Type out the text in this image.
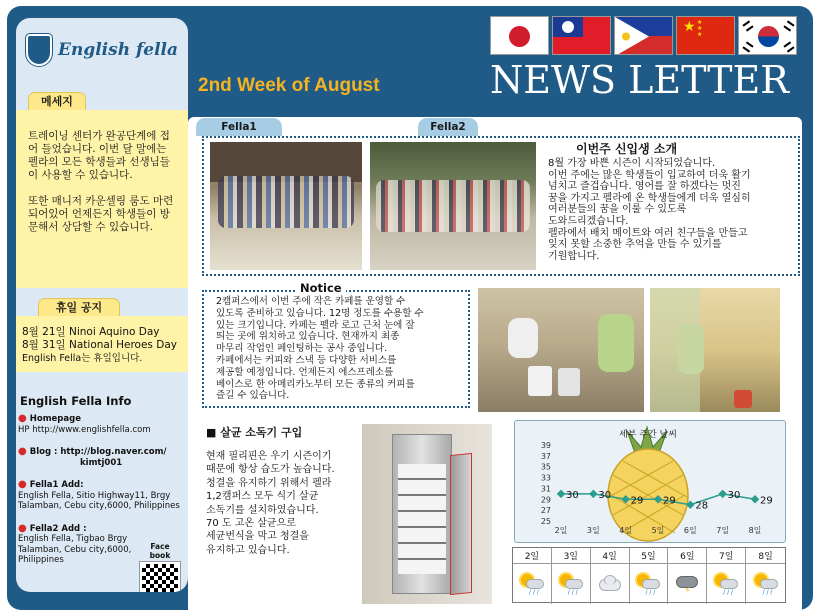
English fella
메세지

트레이닝 센터가 완공단계에 접어 들었습니다. 이번 달 말에는 펠라의 모든 학생들과 선생님들이 사용할 수 있습니다.

또한 매니저 카운셀링 룸도 마련되어있어 언제든지 학생들이 방문해서 상담할 수 있습니다.

휴일 공지
8월 21일 Ninoi Aquino Day
8월 31일 National Heroes Day
English Fella는 휴일입니다.
English Fella Info
● Homepage
HP http://www.englishfella.com
● Blog : http://blog.naver.com/
kimtj001
● Fella1 Add:
English Fella, Sitio Highway11, Brgy Talamban, Cebu city,6000, Philippines
● Fella2 Add :
English Fella, Tigbao Brgy Talamban, Cebu city,6000, Philippines
Face book
2nd Week of August
★ ★
★
★
NEWS LETTER
Fella1	Fella2
이번주 신입생 소개
8월 가장 바쁜 시즌이 시작되었습니다.
이번 주에는 많은 학생들이 입교하여 더욱 활기
넘치고 즐겁습니다. 영어를 잘 하겠다는 멋진
꿈을 가지고 펠라에 온 학생들에게 더욱 열심히
여러분들의 꿈을 이룰 수 있도록
도와드리겠습니다.
펠라에서 배치 메이트와 여러 친구들을 만들고
잊지 못할 소중한 추억을 만들 수 있기를
기원합니다.
Notice
2캠퍼스에서 이번 주에 작은 카페를 운영할 수
있도록 준비하고 있습니다. 12명 정도를 수용할 수
있는 크기입니다. 카페는 펠라 로고 근처 눈에 잘
띄는 곳에 위치하고 있습니다. 현재까지 최종
마무리 작업인 페인팅하는 공사 중입니다.
카페에서는 커피와 스낵 등 다양한 서비스를
제공할 예정입니다. 언제든지 에스프레소를
베이스로 한 아메리카노부터 모든 종류의 커피를
즐길 수 있습니다.
■ 살균 소독기 구입
현재 필리핀은 우기 시즌이기
때문에 항상 습도가 높습니다.
청결을 유지하기 위해서 펠라
1,2캠퍼스 모두 식기 살균
소독기를 설치하였습니다.
70 도 고온 살균으로
세균번식을 막고 청결을
유지하고 있습니다.
25
27
29
31
33
35
37
39
2일 3일 4일 5일 6일 7일 8일
30 30 29 29 28
30 29
세부 주간 날씨
2일	3일	4일	5일	6일	7일	8일
/ / /	/ / /	/ / /	⚡	/ / /	/ / /
